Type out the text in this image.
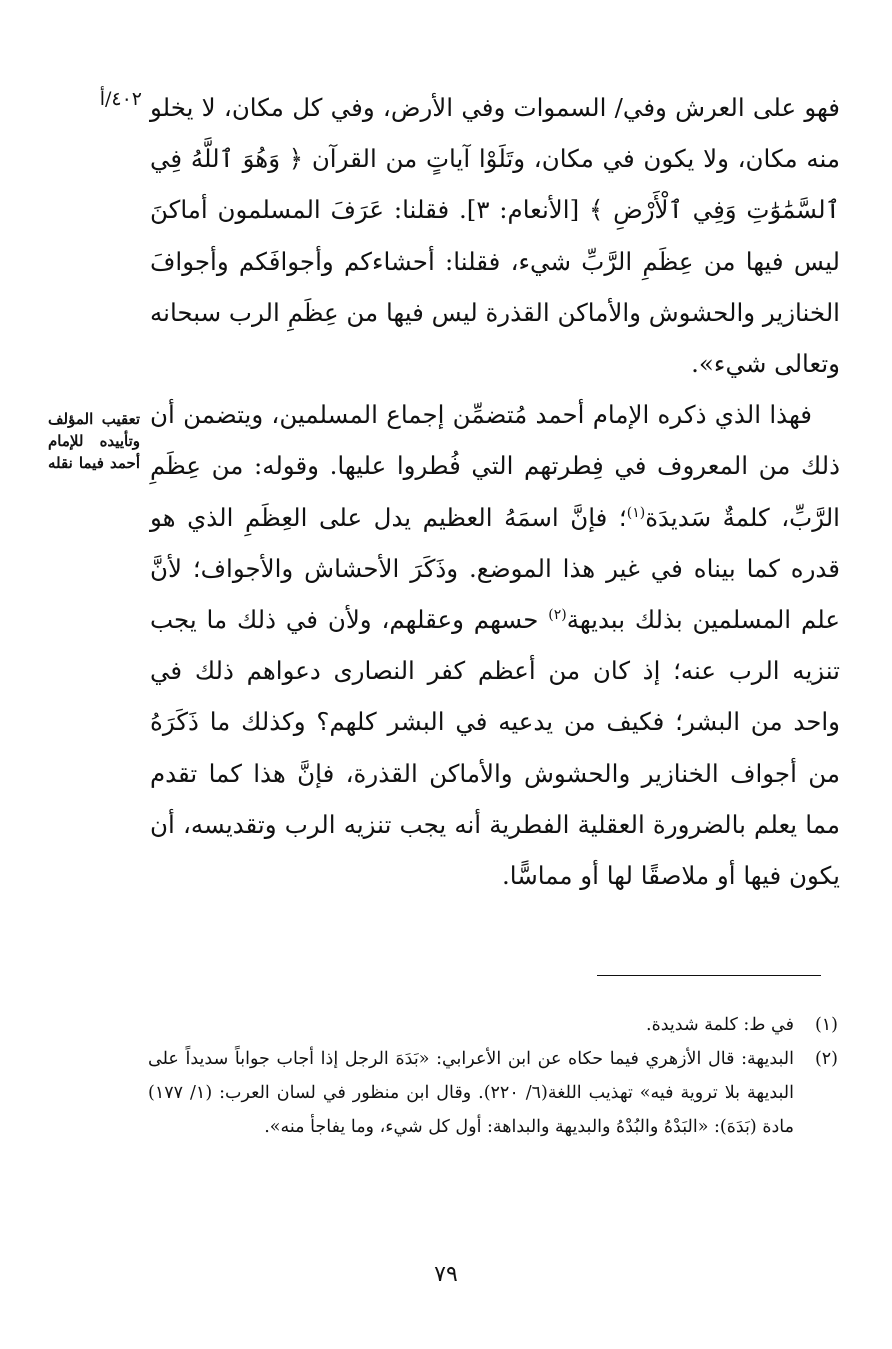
٤٠٢/أ
تعقيب المؤلف وتأييده للإمام أحمد فيما نقله

فهو على العرش وفي/ السموات وفي الأرض، وفي كل مكان، لا يخلو منه مكان، ولا يكون في مكان، وتَلَوْا آياتٍ من القرآن ﴿ وَهُوَ ٱللَّهُ فِي ٱلسَّمَٰوَٰتِ وَفِي ٱلْأَرْضِ ﴾ [الأنعام: ٣]. فقلنا: عَرَفَ المسلمون أماكنَ ليس فيها من عِظَمِ الرَّبِّ شيء، فقلنا: أحشاءكم وأجوافَكم وأجوافَ الخنازير والحشوش والأماكن القذرة ليس فيها من عِظَمِ الرب سبحانه وتعالى شيء».

فهذا الذي ذكره الإمام أحمد مُتضمِّن إجماع المسلمين، ويتضمن أن ذلك من المعروف في فِطرتهم التي فُطروا عليها. وقوله: من عِظَمِ الرَّبِّ، كلمةٌ سَديدَة$^{(١)}$؛ فإنَّ اسمَهُ العظيم يدل على العِظَمِ الذي هو قدره كما بيناه في غير هذا الموضع. وذَكَرَ الأحشاش والأجواف؛ لأنَّ علم المسلمين بذلك ببديهة$^{(٢)}$ حسهم وعقلهم، ولأن في ذلك ما يجب تنزيه الرب عنه؛ إذ كان من أعظم كفر النصارى دعواهم ذلك في واحد من البشر؛ فكيف من يدعيه في البشر كلهم؟ وكذلك ما ذَكَرَهُ من أجواف الخنازير والحشوش والأماكن القذرة، فإنَّ هذا كما تقدم مما يعلم بالضرورة العقلية الفطرية أنه يجب تنزيه الرب وتقديسه، أن يكون فيها أو ملاصقًا لها أو مماسًّا.

(١)
في ط: كلمة شديدة.
(٢)
البديهة: قال الأزهري فيما حكاه عن ابن الأعرابي: «بَدَهَ الرجل إذا أجاب جواباً سديداً على البديهة بلا تروية فيه» تهذيب اللغة(٦/ ٢٢٠). وقال ابن منظور في لسان العرب: (١/ ١٧٧) مادة (بَدَهَ): «البَدْهُ والبُدْهُ والبديهة والبداهة: أول كل شيء، وما يفاجأ منه».
٧٩
